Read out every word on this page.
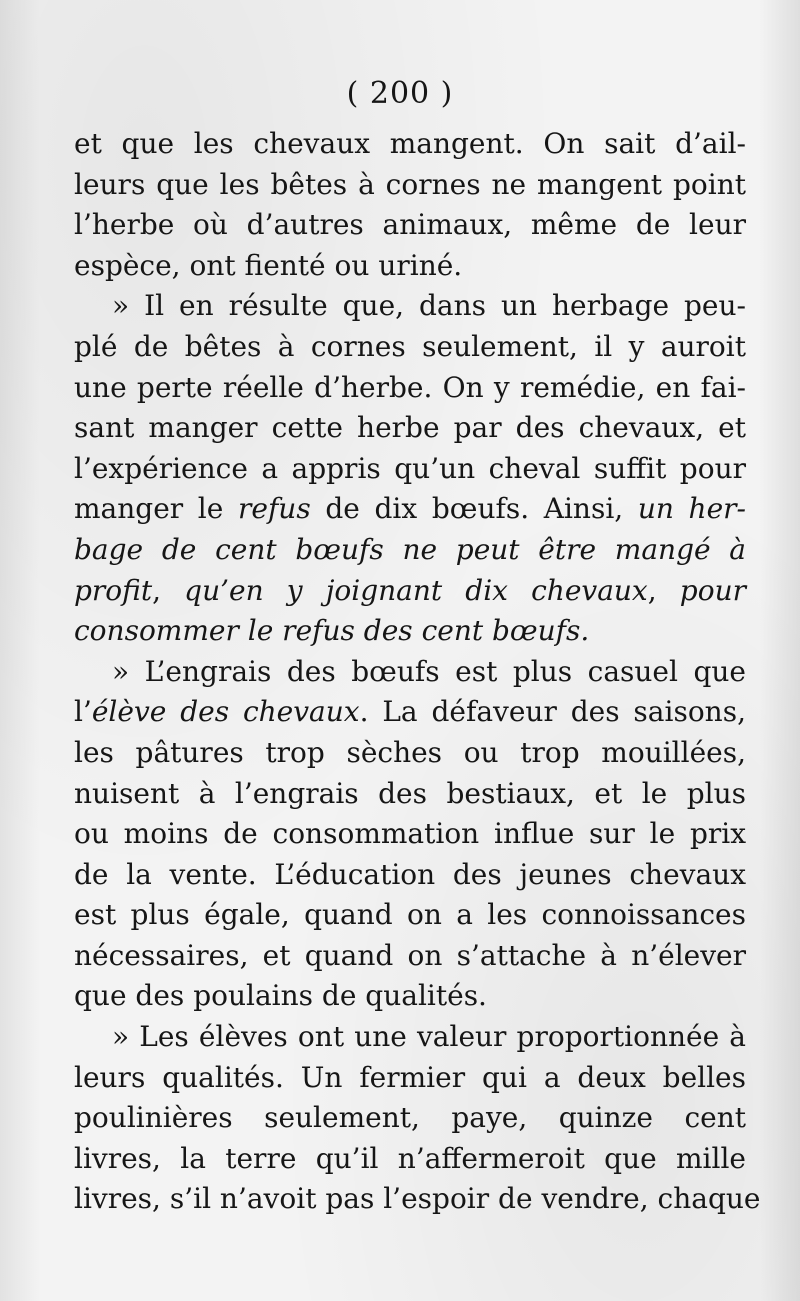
( 200 )
et que les chevaux mangent. On sait d’ail-
leurs que les bêtes à cornes ne mangent point
l’herbe où d’autres animaux, même de leur
espèce, ont fienté ou uriné.
» Il en résulte que, dans un herbage peu-
plé de bêtes à cornes seulement, il y auroit
une perte réelle d’herbe. On y remédie, en fai-
sant manger cette herbe par des chevaux, et
l’expérience a appris qu’un cheval suffit pour
manger le refus de dix bœufs. Ainsi, un her-
bage de cent bœufs ne peut être mangé à
profit, qu’en y joignant dix chevaux, pour
consommer le refus des cent bœufs.
» L’engrais des bœufs est plus casuel que
l’élève des chevaux. La défaveur des saisons,
les pâtures trop sèches ou trop mouillées,
nuisent à l’engrais des bestiaux, et le plus
ou moins de consommation influe sur le prix
de la vente. L’éducation des jeunes chevaux
est plus égale, quand on a les connoissances
nécessaires, et quand on s’attache à n’élever
que des poulains de qualités.
» Les élèves ont une valeur proportionnée à
leurs qualités. Un fermier qui a deux belles
poulinières seulement, paye, quinze cent
livres, la terre qu’il n’affermeroit que mille
livres, s’il n’avoit pas l’espoir de vendre, chaque
